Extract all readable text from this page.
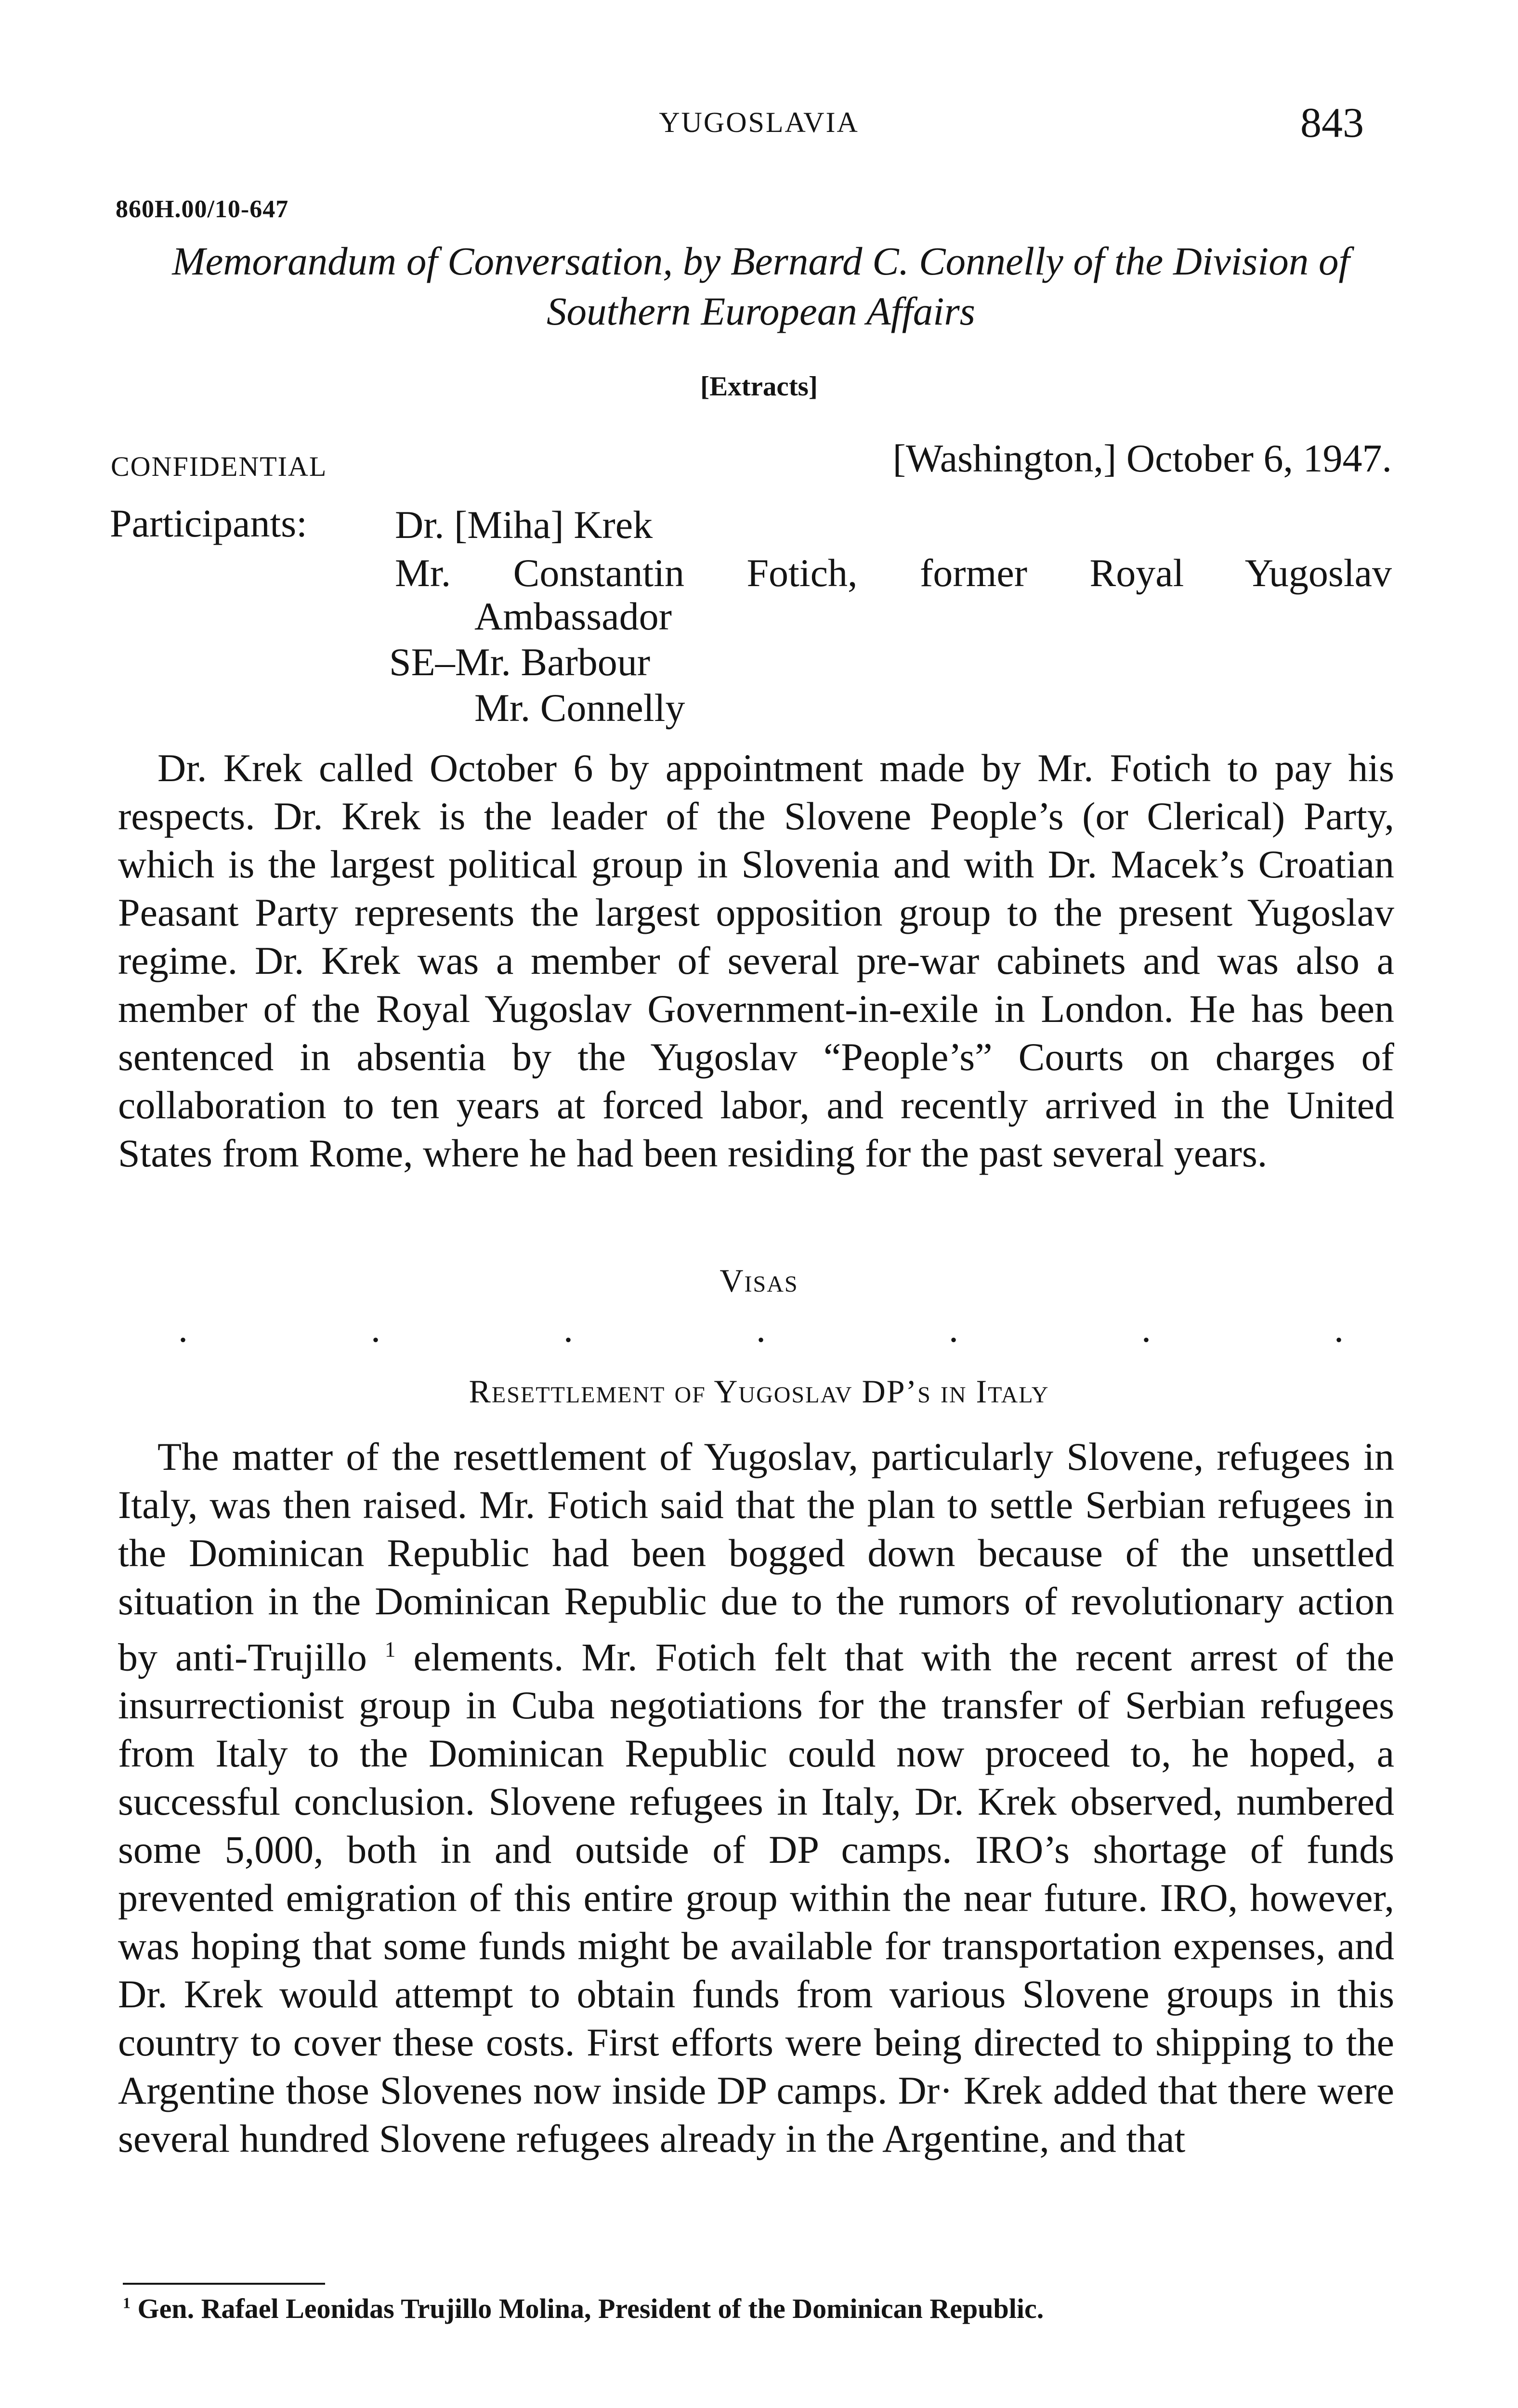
YUGOSLAVIA	843
860H.00/10-647
Memorandum of Conversation, by Bernard C. Connelly of the Division of Southern European Affairs
[Extracts]
CONFIDENTIAL	[Washington,] October 6, 1947.
Participants: Dr. [Miha] Krek
Mr. Constantin Fotich, former Royal Yugoslav
Ambassador
SE–Mr. Barbour
Mr. Connelly

Dr. Krek called October 6 by appointment made by Mr. Fotich to pay his respects. Dr. Krek is the leader of the Slovene People’s (or Clerical) Party, which is the largest political group in Slovenia and with Dr. Macek’s Croatian Peasant Party represents the largest opposition group to the present Yugoslav regime. Dr. Krek was a member of several pre-war cabinets and was also a member of the Royal Yugoslav Government-in-exile in London. He has been sentenced in absentia by the Yugoslav “People’s” Courts on charges of collaboration to ten years at forced labor, and recently arrived in the United States from Rome, where he had been residing for the past several years.

Visas
.	.	.	.	.	.	.
Resettlement of Yugoslav DP’s in Italy

The matter of the resettlement of Yugoslav, particularly Slovene, refugees in Italy, was then raised. Mr. Fotich said that the plan to settle Serbian refugees in the Dominican Republic had been bogged down because of the unsettled situation in the Dominican Republic due to the rumors of revolutionary action by anti-Trujillo $^1$ elements. Mr. Fotich felt that with the recent arrest of the insurrectionist group in Cuba negotiations for the transfer of Serbian refugees from Italy to the Dominican Republic could now proceed to, he hoped, a successful conclusion. Slovene refugees in Italy, Dr. Krek observed, numbered some 5,000, both in and outside of DP camps. IRO’s shortage of funds prevented emigration of this entire group within the near future. IRO, however, was hoping that some funds might be available for transportation expenses, and Dr. Krek would attempt to obtain funds from various Slovene groups in this country to cover these costs. First efforts were being directed to shipping to the Argentine those Slovenes now inside DP camps. Dr· Krek added that there were several hundred Slovene refugees already in the Argentine, and that

$^1$ Gen. Rafael Leonidas Trujillo Molina, President of the Dominican Republic.
